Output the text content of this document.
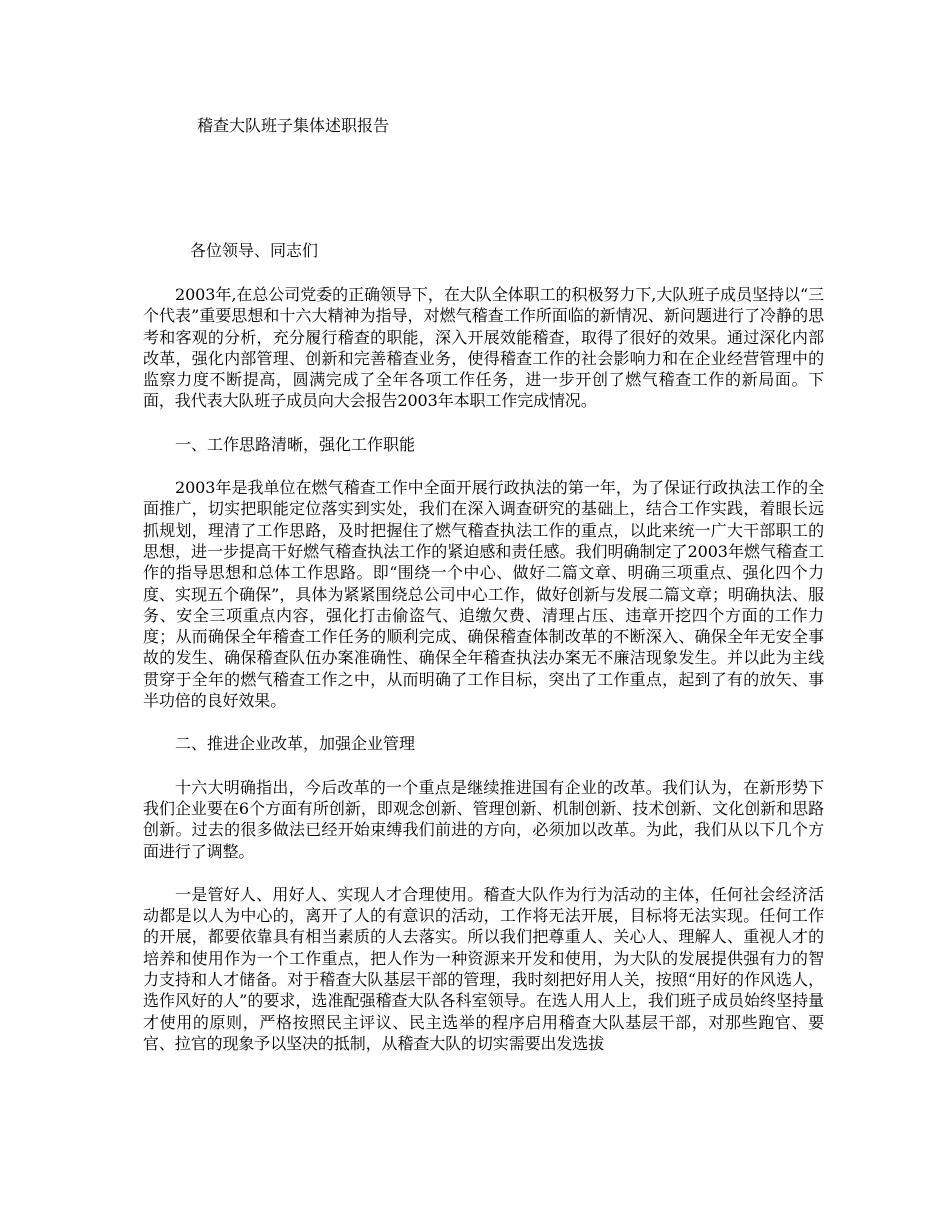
稽查大队班子集体述职报告

各位领导、同志们

2003年,在总公司党委的正确领导下，在大队全体职工的积极努力下,大队班子成员坚持以“三个代表”重要思想和十六大精神为指导，对燃气稽查工作所面临的新情况、新问题进行了冷静的思考和客观的分析，充分履行稽查的职能，深入开展效能稽查，取得了很好的效果。通过深化内部改革，强化内部管理、创新和完善稽查业务，使得稽查工作的社会影响力和在企业经营管理中的监察力度不断提高，圆满完成了全年各项工作任务，进一步开创了燃气稽查工作的新局面。下面，我代表大队班子成员向大会报告2003年本职工作完成情况。

一、工作思路清晰，强化工作职能

2003年是我单位在燃气稽查工作中全面开展行政执法的第一年，为了保证行政执法工作的全面推广，切实把职能定位落实到实处，我们在深入调查研究的基础上，结合工作实践，着眼长远抓规划，理清了工作思路，及时把握住了燃气稽查执法工作的重点，以此来统一广大干部职工的思想，进一步提高干好燃气稽查执法工作的紧迫感和责任感。我们明确制定了2003年燃气稽查工作的指导思想和总体工作思路。即“围绕一个中心、做好二篇文章、明确三项重点、强化四个力度、实现五个确保”，具体为紧紧围绕总公司中心工作，做好创新与发展二篇文章；明确执法、服务、安全三项重点内容，强化打击偷盗气、追缴欠费、清理占压、违章开挖四个方面的工作力度；从而确保全年稽查工作任务的顺利完成、确保稽查体制改革的不断深入、确保全年无安全事故的发生、确保稽查队伍办案准确性、确保全年稽查执法办案无不廉洁现象发生。并以此为主线贯穿于全年的燃气稽查工作之中，从而明确了工作目标，突出了工作重点，起到了有的放矢、事半功倍的良好效果。

二、推进企业改革，加强企业管理

十六大明确指出，今后改革的一个重点是继续推进国有企业的改革。我们认为，在新形势下我们企业要在6个方面有所创新，即观念创新、管理创新、机制创新、技术创新、文化创新和思路创新。过去的很多做法已经开始束缚我们前进的方向，必须加以改革。为此，我们从以下几个方面进行了调整。

一是管好人、用好人、实现人才合理使用。稽查大队作为行为活动的主体，任何社会经济活动都是以人为中心的，离开了人的有意识的活动，工作将无法开展，目标将无法实现。任何工作的开展，都要依靠具有相当素质的人去落实。所以我们把尊重人、关心人、理解人、重视人才的培养和使用作为一个工作重点，把人作为一种资源来开发和使用，为大队的发展提供强有力的智力支持和人才储备。对于稽查大队基层干部的管理，我时刻把好用人关，按照“用好的作风选人，选作风好的人”的要求，选准配强稽查大队各科室领导。在选人用人上，我们班子成员始终坚持量才使用的原则，严格按照民主评议、民主选举的程序启用稽查大队基层干部，对那些跑官、要官、拉官的现象予以坚决的抵制，从稽查大队的切实需要出发选拔
